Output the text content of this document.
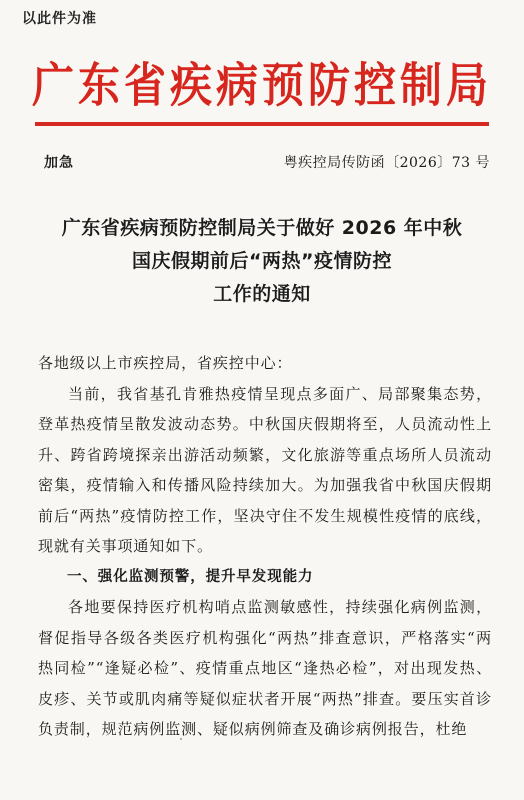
以此件为准
广东省疾病预防控制局
加急	粤疾控局传防函〔2026〕73 号
广东省疾病预防控制局关于做好 2026 年中秋
国庆假期前后“两热”疫情防控
工作的通知

各地级以上市疾控局，省疾控中心：

当前，我省基孔肯雅热疫情呈现点多面广、局部聚集态势，登革热疫情呈散发波动态势。中秋国庆假期将至，人员流动性上升、跨省跨境探亲出游活动频繁，文化旅游等重点场所人员流动密集，疫情输入和传播风险持续加大。为加强我省中秋国庆假期前后“两热”疫情防控工作，坚决守住不发生规模性疫情的底线，现就有关事项通知如下。

一、强化监测预警，提升早发现能力

各地要保持医疗机构哨点监测敏感性，持续强化病例监测，督促指导各级各类医疗机构强化“两热”排查意识，严格落实“两热同检”“逢疑必检”、疫情重点地区“逢热必检”，对出现发热、皮疹、关节或肌肉痛等疑似症状者开展“两热”排查。要压实首诊负责制，规范病例监测、疑似病例筛查及确诊病例报告，杜绝
